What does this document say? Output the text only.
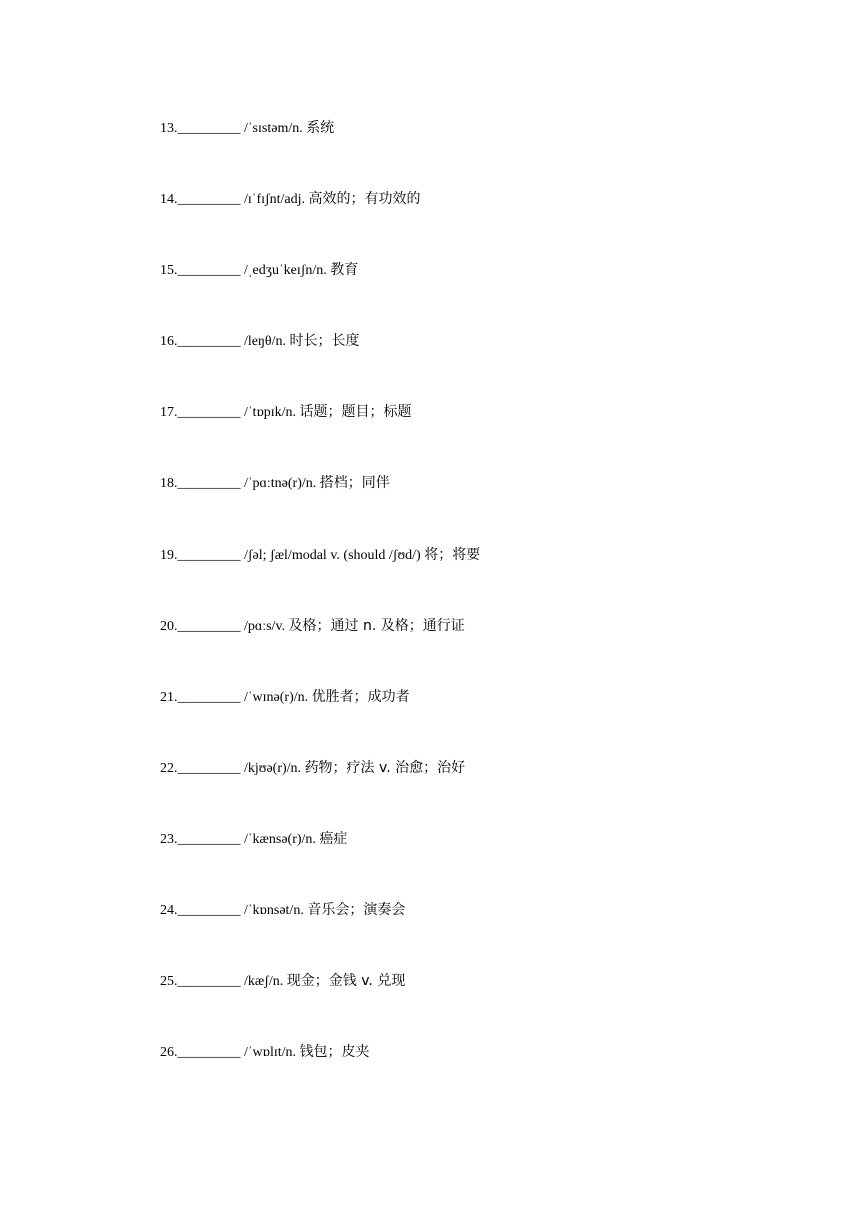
13._________ /ˈsɪstəm/n. 系统
14._________ /ɪˈfɪʃnt/adj. 高效的；有功效的
15._________ /ˌedʒuˈkeɪʃn/n. 教育
16._________ /leŋθ/n. 时长；长度
17._________ /ˈtɒpɪk/n. 话题；题目；标题
18._________ /ˈpɑːtnə(r)/n. 搭档；同伴
19._________ /ʃəl; ʃæl/modal v. (should /ʃʊd/) 将；将要
20._________ /pɑːs/v. 及格；通过 n. 及格；通行证
21._________ /ˈwɪnə(r)/n. 优胜者；成功者
22._________ /kjʊə(r)/n. 药物；疗法 v. 治愈；治好
23._________ /ˈkænsə(r)/n. 癌症
24._________ /ˈkɒnsət/n. 音乐会；演奏会
25._________ /kæʃ/n. 现金；金钱 v. 兑现
26._________ /ˈwɒlɪt/n. 钱包；皮夹
